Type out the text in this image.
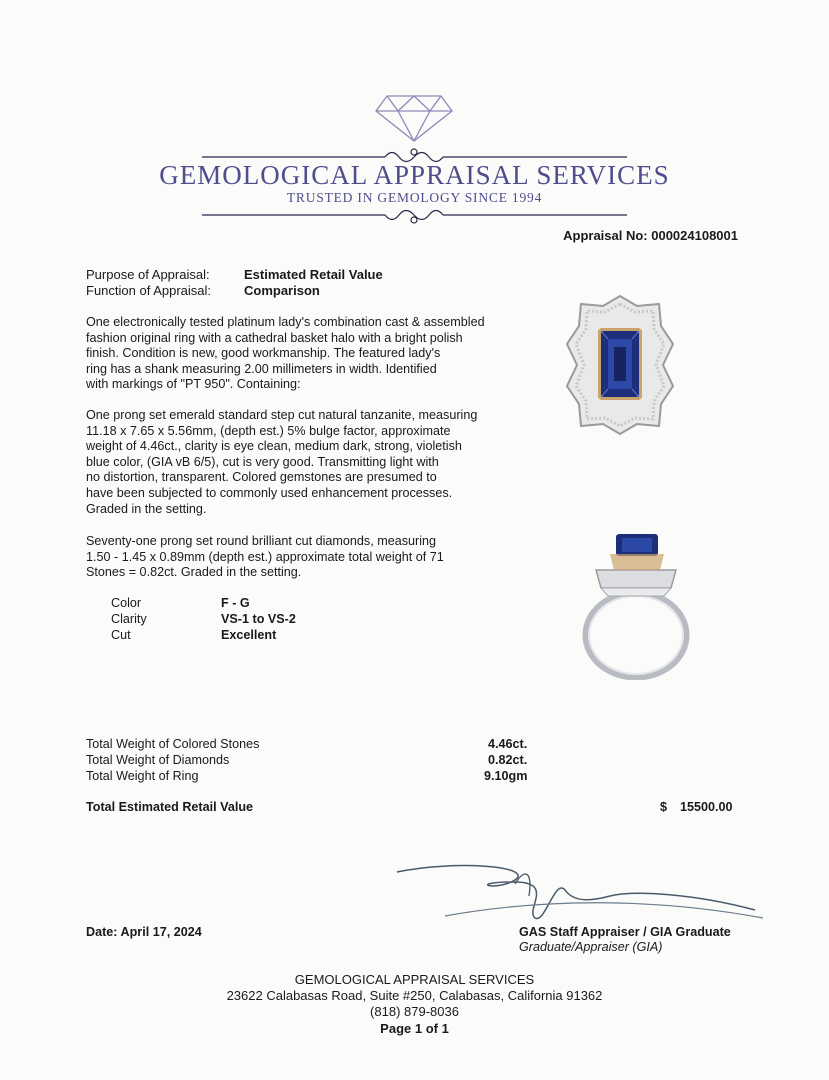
GEMOLOGICAL APPRAISAL SERVICES
TRUSTED IN GEMOLOGY SINCE 1994
Appraisal No: 000024108001
Purpose of Appraisal:	Estimated Retail Value
Function of Appraisal:	Comparison
One electronically tested platinum lady's combination cast & assembled
fashion original ring with a cathedral basket halo with a bright polish
finish. Condition is new, good workmanship. The featured lady's
ring has a shank measuring 2.00 millimeters in width. Identified
with markings of "PT 950". Containing:
One prong set emerald standard step cut natural tanzanite, measuring
11.18 x 7.65 x 5.56mm, (depth est.) 5% bulge factor, approximate
weight of 4.46ct., clarity is eye clean, medium dark, strong, violetish
blue color, (GIA vB 6/5), cut is very good. Transmitting light with
no distortion, transparent. Colored gemstones are presumed to
have been subjected to commonly used enhancement processes.
Graded in the setting.
Seventy-one prong set round brilliant cut diamonds, measuring
1.50 - 1.45 x 0.89mm (depth est.) approximate total weight of 71
Stones = 0.82ct. Graded in the setting.
Color	F - G
Clarity	VS-1 to VS-2
Cut	Excellent
Total Weight of Colored Stones	4.46ct.
Total Weight of Diamonds	0.82ct.
Total Weight of Ring	9.10gm
Total Estimated Retail Value	$ 15500.00
Date: April 17, 2024	GAS Staff Appraiser / GIA Graduate
Graduate/Appraiser (GIA)
GEMOLOGICAL APPRAISAL SERVICES
23622 Calabasas Road, Suite #250, Calabasas, California 91362
(818) 879-8036
Page 1 of 1
